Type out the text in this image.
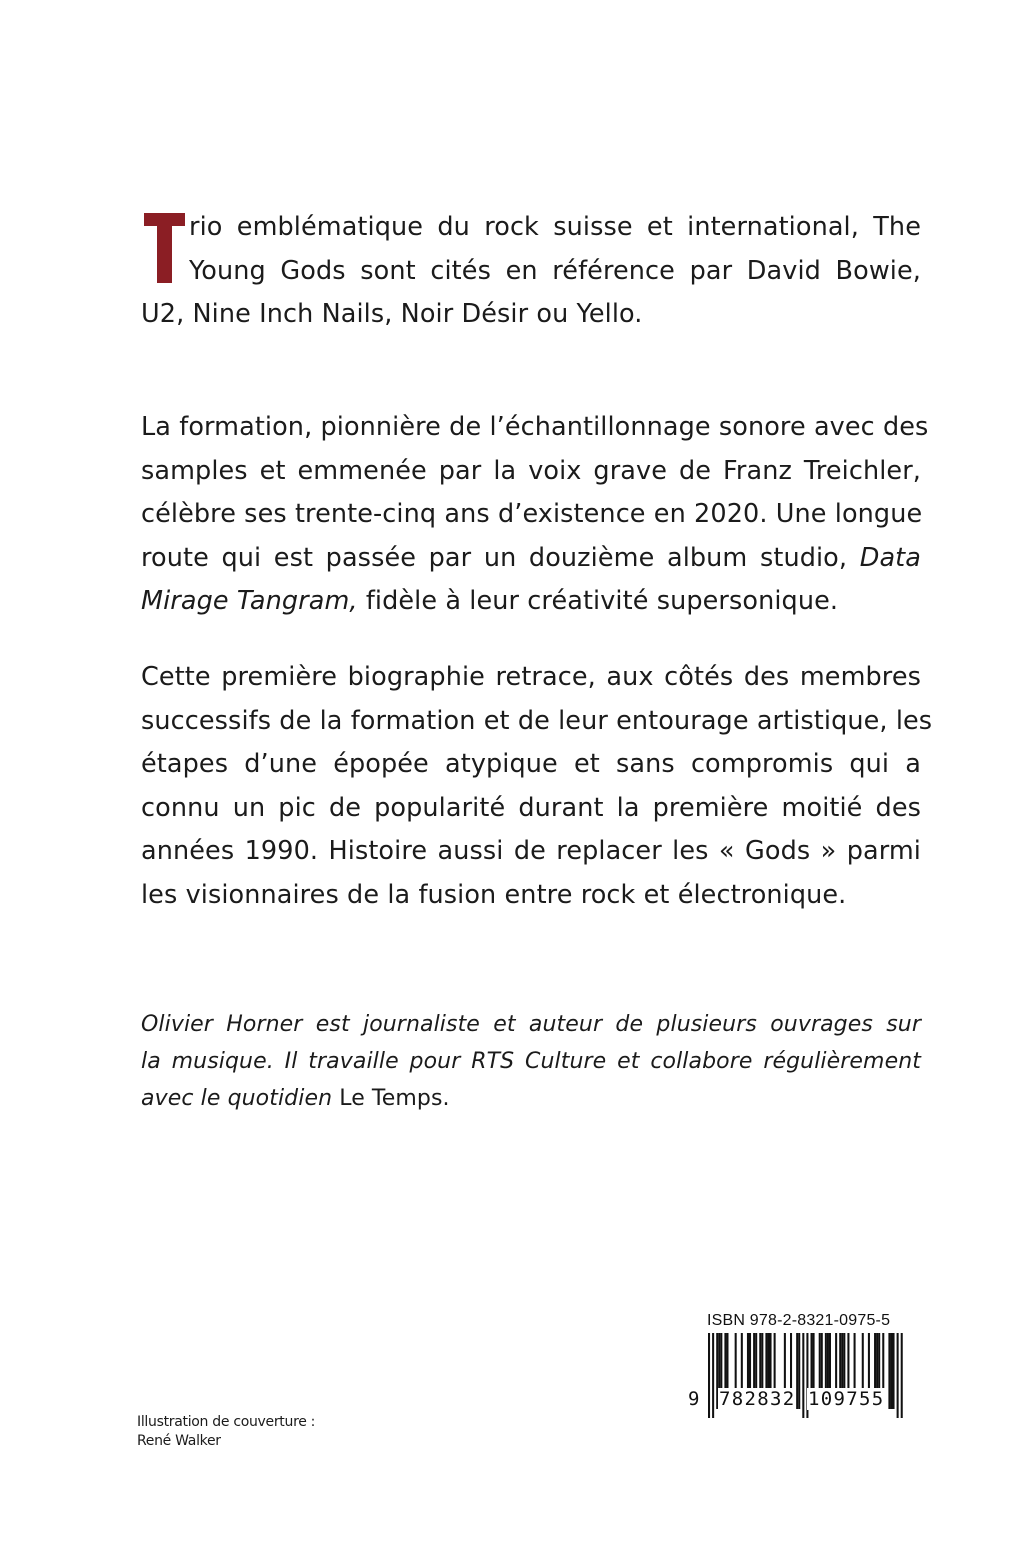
rio emblématique du rock suisse et international, The
Young Gods sont cités en référence par David Bowie,
U2, Nine Inch Nails, Noir Désir ou Yello.
La formation, pionnière de l’échantillonnage sonore avec des
samples et emmenée par la voix grave de Franz Treichler,
célèbre ses trente-cinq ans d’existence en 2020. Une longue
route qui est passée par un douzième album studio, Data
Mirage Tangram, fidèle à leur créativité supersonique.
Cette première biographie retrace, aux côtés des membres
successifs de la formation et de leur entourage artistique, les
étapes d’une épopée atypique et sans compromis qui a
connu un pic de popularité durant la première moitié des
années 1990. Histoire aussi de replacer les « Gods » parmi
les visionnaires de la fusion entre rock et électronique.
Olivier Horner est journaliste et auteur de plusieurs ouvrages sur
la musique. Il travaille pour RTS Culture et collabore régulièrement
avec le quotidien Le Temps.
Illustration de couverture :
René Walker
ISBN 978-2-8321-0975-5
9 782832 109755
